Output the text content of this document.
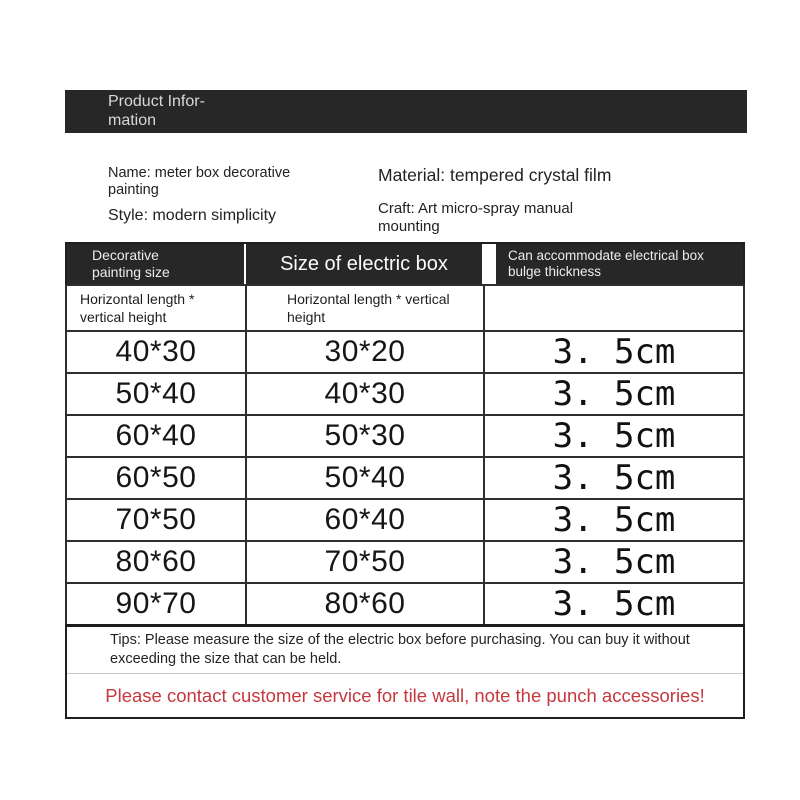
Product Infor-
mation
Name: meter box decorative painting
Material: tempered crystal film
Style: modern simplicity	Craft: Art micro-spray manual mounting
Decorative painting size	Size of electric box	Can accommodate electrical box bulge thickness

Horizontal length * vertical height	Horizontal length * vertical height	
40*30	30*20	3. 5cm
50*40	40*30	3. 5cm
60*40	50*30	3. 5cm
60*50	50*40	3. 5cm
70*50	60*40	3. 5cm
80*60	70*50	3. 5cm
90*70	80*60	3. 5cm
Tips: Please measure the size of the electric box before purchasing. You can buy it without exceeding the size that can be held.		
Please contact customer service for tile wall, note the punch accessories!		
